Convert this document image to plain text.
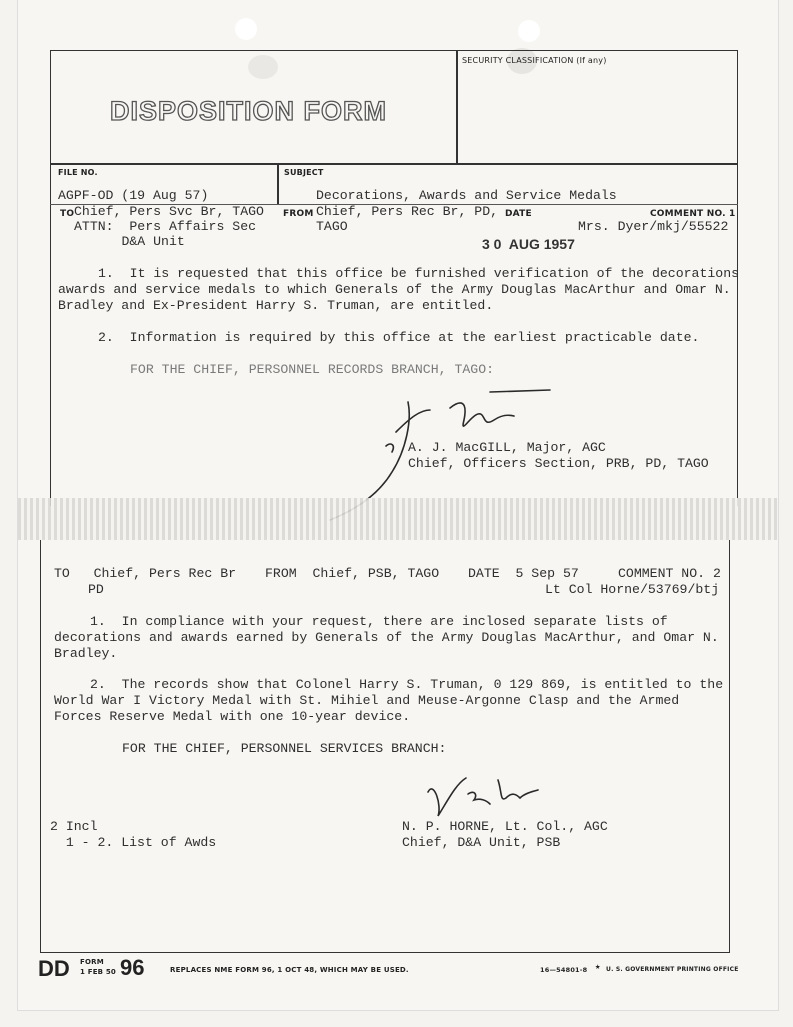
DISPOSITION FORM
SECURITY CLASSIFICATION (If any)
FILE NO.	SUBJECT
AGPF-OD (19 Aug 57)	Decorations, Awards and Service Medals
TO Chief, Pers Svc Br, TAGO
ATTN:  Pers Affairs Sec
D&A Unit
FROM Chief, Pers Rec Br, PD,
TAGO
DATE	COMMENT NO. 1
3 0  AUG 1957
Mrs. Dyer/mkj/55522
1.  It is requested that this office be furnished verification of the decorations
awards and service medals to which Generals of the Army Douglas MacArthur and Omar N.
Bradley and Ex-President Harry S. Truman, are entitled.
2.  Information is required by this office at the earliest practicable date.
FOR THE CHIEF, PERSONNEL RECORDS BRANCH, TAGO:
A. J. MacGILL, Major, AGC
Chief, Officers Section, PRB, PD, TAGO
TO   Chief, Pers Rec Br FROM  Chief, PSB, TAGO DATE  5 Sep 57	COMMENT NO. 2
PD	Lt Col Horne/53769/btj
1.  In compliance with your request, there are inclosed separate lists of
decorations and awards earned by Generals of the Army Douglas MacArthur, and Omar N.
Bradley.
2.  The records show that Colonel Harry S. Truman, 0 129 869, is entitled to the
World War I Victory Medal with St. Mihiel and Meuse-Argonne Clasp and the Armed
Forces Reserve Medal with one 10-year device.
FOR THE CHIEF, PERSONNEL SERVICES BRANCH:
2 Incl
1 - 2. List of Awds
N. P. HORNE, Lt. Col., AGC
Chief, D&A Unit, PSB
DD FORM
1 FEB 50 96	REPLACES NME FORM 96, 1 OCT 48, WHICH MAY BE USED.	16—54801-8 ★ U. S. GOVERNMENT PRINTING OFFICE
